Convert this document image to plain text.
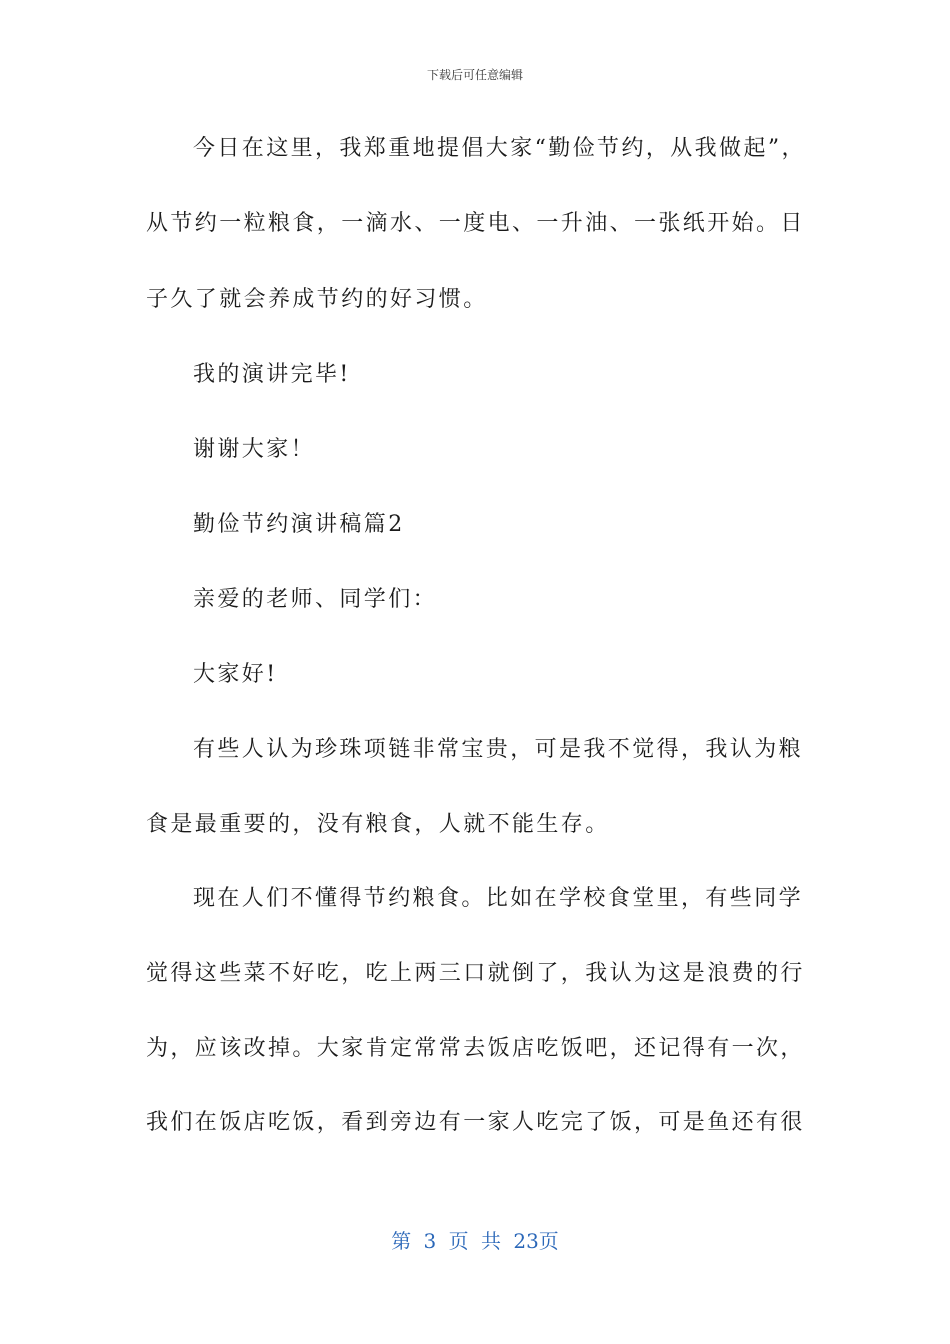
下载后可任意编辑
今日在这里，我郑重地提倡大家“勤俭节约，从我做起”，
从节约一粒粮食，一滴水、一度电、一升油、一张纸开始。日
子久了就会养成节约的好习惯。
我的演讲完毕!
谢谢大家！
勤俭节约演讲稿篇2
亲爱的老师、同学们：
大家好!
有些人认为珍珠项链非常宝贵，可是我不觉得，我认为粮
食是最重要的，没有粮食，人就不能生存。
现在人们不懂得节约粮食。比如在学校食堂里，有些同学
觉得这些菜不好吃，吃上两三口就倒了，我认为这是浪费的行
为，应该改掉。大家肯定常常去饭店吃饭吧，还记得有一次，
我们在饭店吃饭，看到旁边有一家人吃完了饭，可是鱼还有很
第 3 页 共 23页
